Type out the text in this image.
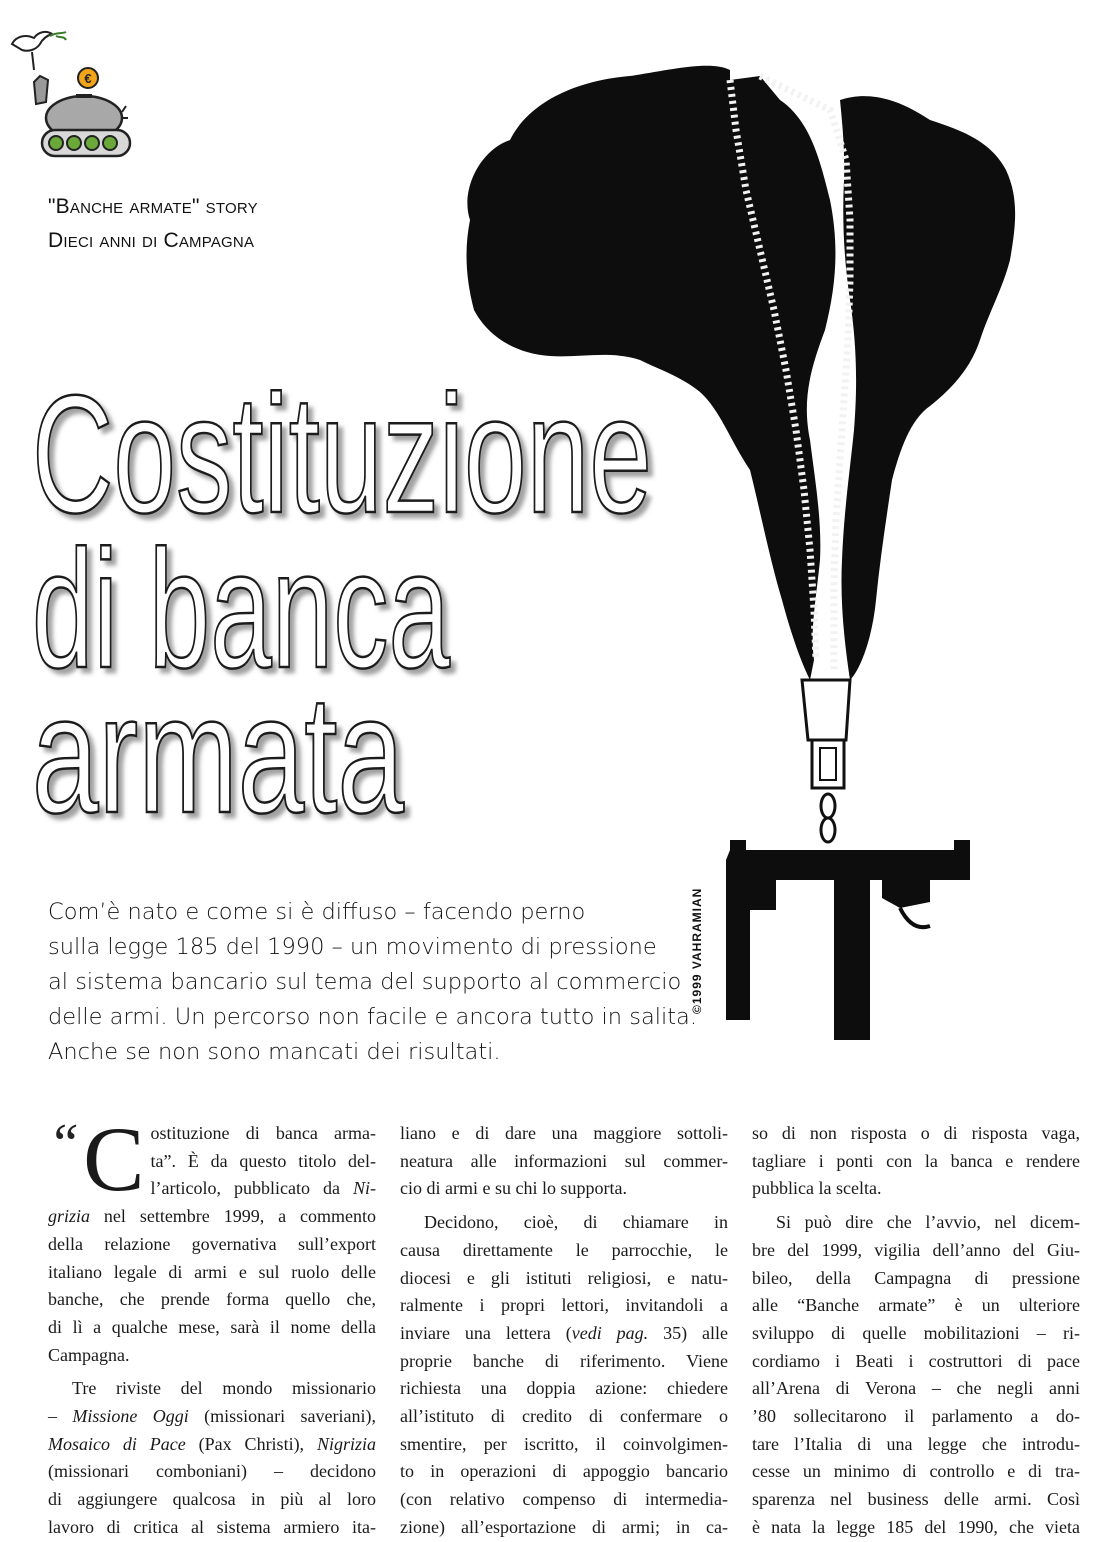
€
"Banche armate" story
Dieci anni di Campagna
Costituzione
di banca
armata
©1999 VAHRAMIAN
Com’è nato e come si è diffuso – facendo perno
sulla legge 185 del 1990 – un movimento di pressione
al sistema bancario sul tema del supporto al commercio
delle armi. Un percorso non facile e ancora tutto in salita.
Anche se non sono mancati dei risultati.
“ C ostituzione di banca arma-
ta”. È da questo titolo del-
l’articolo, pubblicato da Ni-
grizia nel settembre 1999, a commento
della relazione governativa sull’export
italiano legale di armi e sul ruolo delle
banche, che prende forma quello che,
di lì a qualche mese, sarà il nome della
Campagna.

Tre riviste del mondo missionario
– Missione Oggi (missionari saveriani),
Mosaico di Pace (Pax Christi), Nigrizia
(missionari comboniani) – decidono
di aggiungere qualcosa in più al loro
lavoro di critica al sistema armiero ita-

liano e di dare una maggiore sottoli-
neatura alle informazioni sul commer-
cio di armi e su chi lo supporta.

Decidono, cioè, di chiamare in
causa direttamente le parrocchie, le
diocesi e gli istituti religiosi, e natu-
ralmente i propri lettori, invitandoli a
inviare una lettera (vedi pag. 35) alle
proprie banche di riferimento. Viene
richiesta una doppia azione: chiedere
all’istituto di credito di confermare o
smentire, per iscritto, il coinvolgimen-
to in operazioni di appoggio bancario
(con relativo compenso di intermedia-
zione) all’esportazione di armi; in ca-

so di non risposta o di risposta vaga,
tagliare i ponti con la banca e rendere
pubblica la scelta.

Si può dire che l’avvio, nel dicem-
bre del 1999, vigilia dell’anno del Giu-
bileo, della Campagna di pressione
alle “Banche armate” è un ulteriore
sviluppo di quelle mobilitazioni – ri-
cordiamo i Beati i costruttori di pace
all’Arena di Verona – che negli anni
’80 sollecitarono il parlamento a do-
tare l’Italia di una legge che introdu-
cesse un minimo di controllo e di tra-
sparenza nel business delle armi. Così
è nata la legge 185 del 1990, che vieta
